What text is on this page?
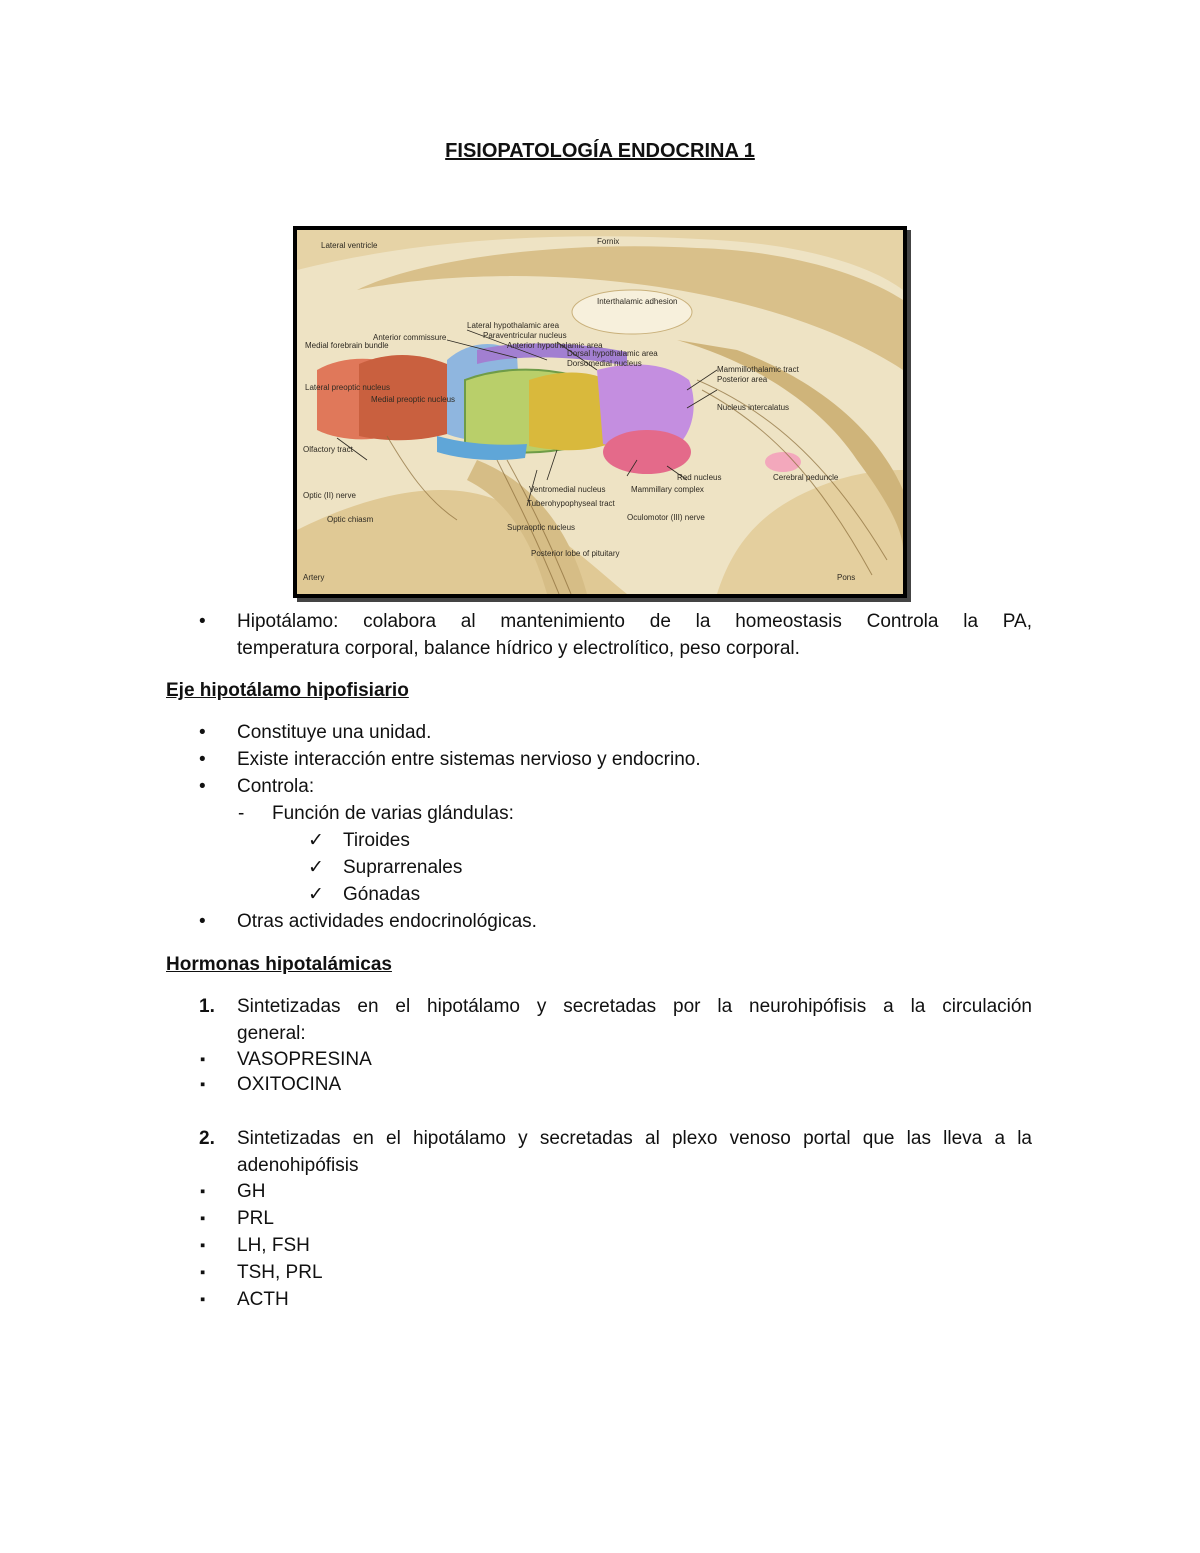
FISIOPATOLOGÍA ENDOCRINA 1
Lateral ventricle
Interthalamic adhesion
Fornix
Lateral hypothalamic area
Paraventricular nucleus
Anterior hypothalamic area
Dorsal hypothalamic area
Dorsomedial nucleus
Anterior commissure
Medial forebrain bundle
Lateral preoptic nucleus
Medial preoptic nucleus
Mammillothalamic tract
Posterior area
Nucleus intercalatus
Olfactory tract
Optic (II) nerve
Optic chiasm
Ventromedial nucleus	Mammillary complex
Red nucleus
Supraoptic nucleus
Tuberohypophyseal tract
Oculomotor (III) nerve
Posterior lobe of pituitary
Cerebral peduncle
Pons
Artery
• Hipotálamo: colabora al mantenimiento de la homeostasis Controla la PA,
temperatura corporal, balance hídrico y electrolítico, peso corporal.
Eje hipotálamo hipofisiario
• Constituye una unidad.
• Existe interacción entre sistemas nervioso y endocrino.
• Controla:
- Función de varias glándulas:
✓ Tiroides
✓ Suprarrenales
✓ Gónadas
• Otras actividades endocrinológicas.
Hormonas hipotalámicas
1. Sintetizadas en el hipotálamo y secretadas por la neurohipófisis a la circulación
general:
▪ VASOPRESINA
▪ OXITOCINA
2. Sintetizadas en el hipotálamo y secretadas al plexo venoso portal que las lleva a la
adenohipófisis
▪ GH
▪ PRL
▪ LH, FSH
▪ TSH, PRL
▪ ACTH
